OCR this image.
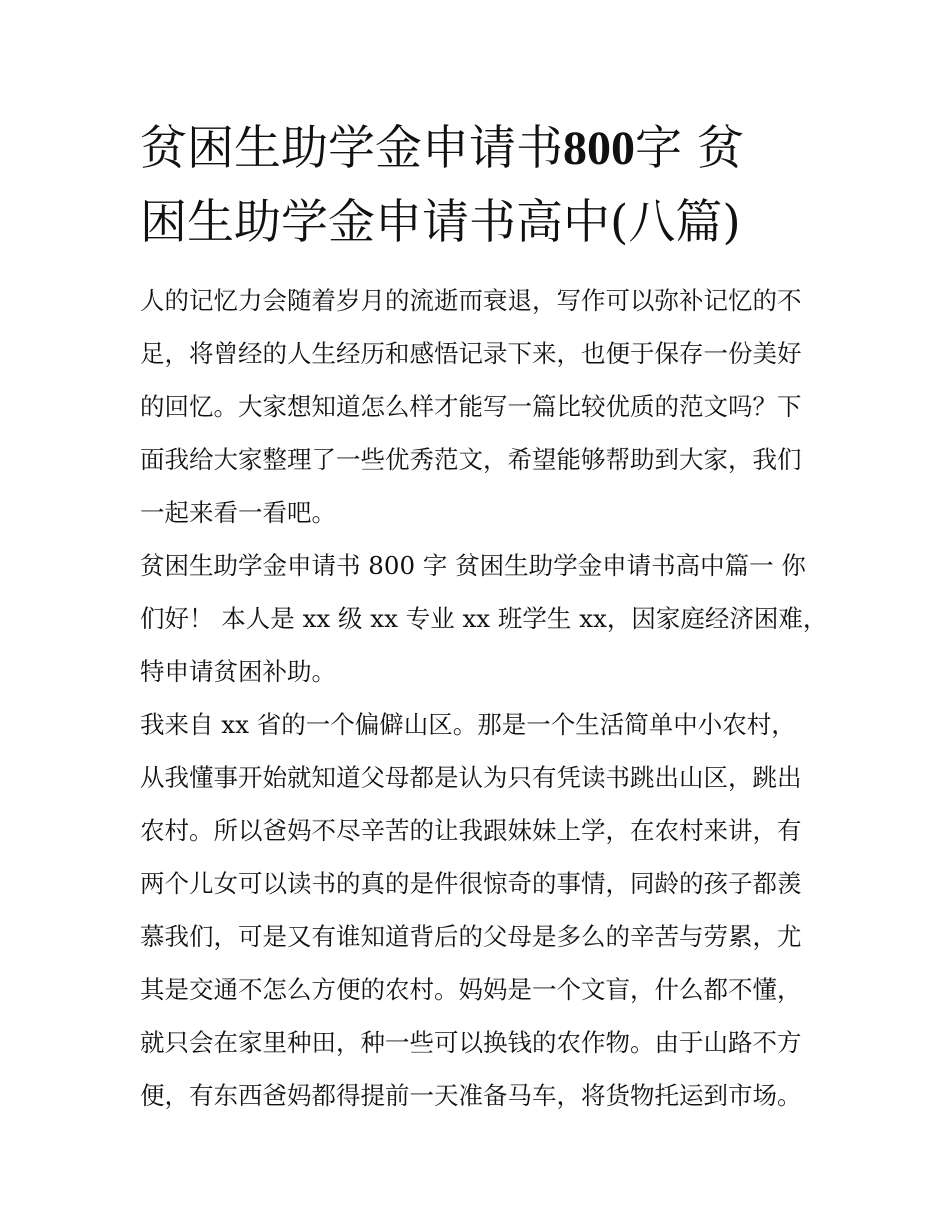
贫困生助学金申请书800字 贫
困生助学金申请书高中(八篇)

人的记忆力会随着岁月的流逝而衰退，写作可以弥补记忆的不
足，将曾经的人生经历和感悟记录下来，也便于保存一份美好
的回忆。大家想知道怎么样才能写一篇比较优质的范文吗？下
面我给大家整理了一些优秀范文，希望能够帮助到大家，我们
一起来看一看吧。

贫困生助学金申请书 800 字 贫困生助学金申请书高中篇一 你
们好！ 本人是 xx 级 xx 专业 xx 班学生 xx，因家庭经济困难，
特申请贫困补助。

我来自 xx 省的一个偏僻山区。那是一个生活简单中小农村，
从我懂事开始就知道父母都是认为只有凭读书跳出山区，跳出
农村。所以爸妈不尽辛苦的让我跟妹妹上学，在农村来讲，有
两个儿女可以读书的真的是件很惊奇的事情，同龄的孩子都羡
慕我们，可是又有谁知道背后的父母是多么的辛苦与劳累，尤
其是交通不怎么方便的农村。妈妈是一个文盲，什么都不懂，
就只会在家里种田，种一些可以换钱的农作物。由于山路不方
便，有东西爸妈都得提前一天准备马车，将货物托运到市场。
